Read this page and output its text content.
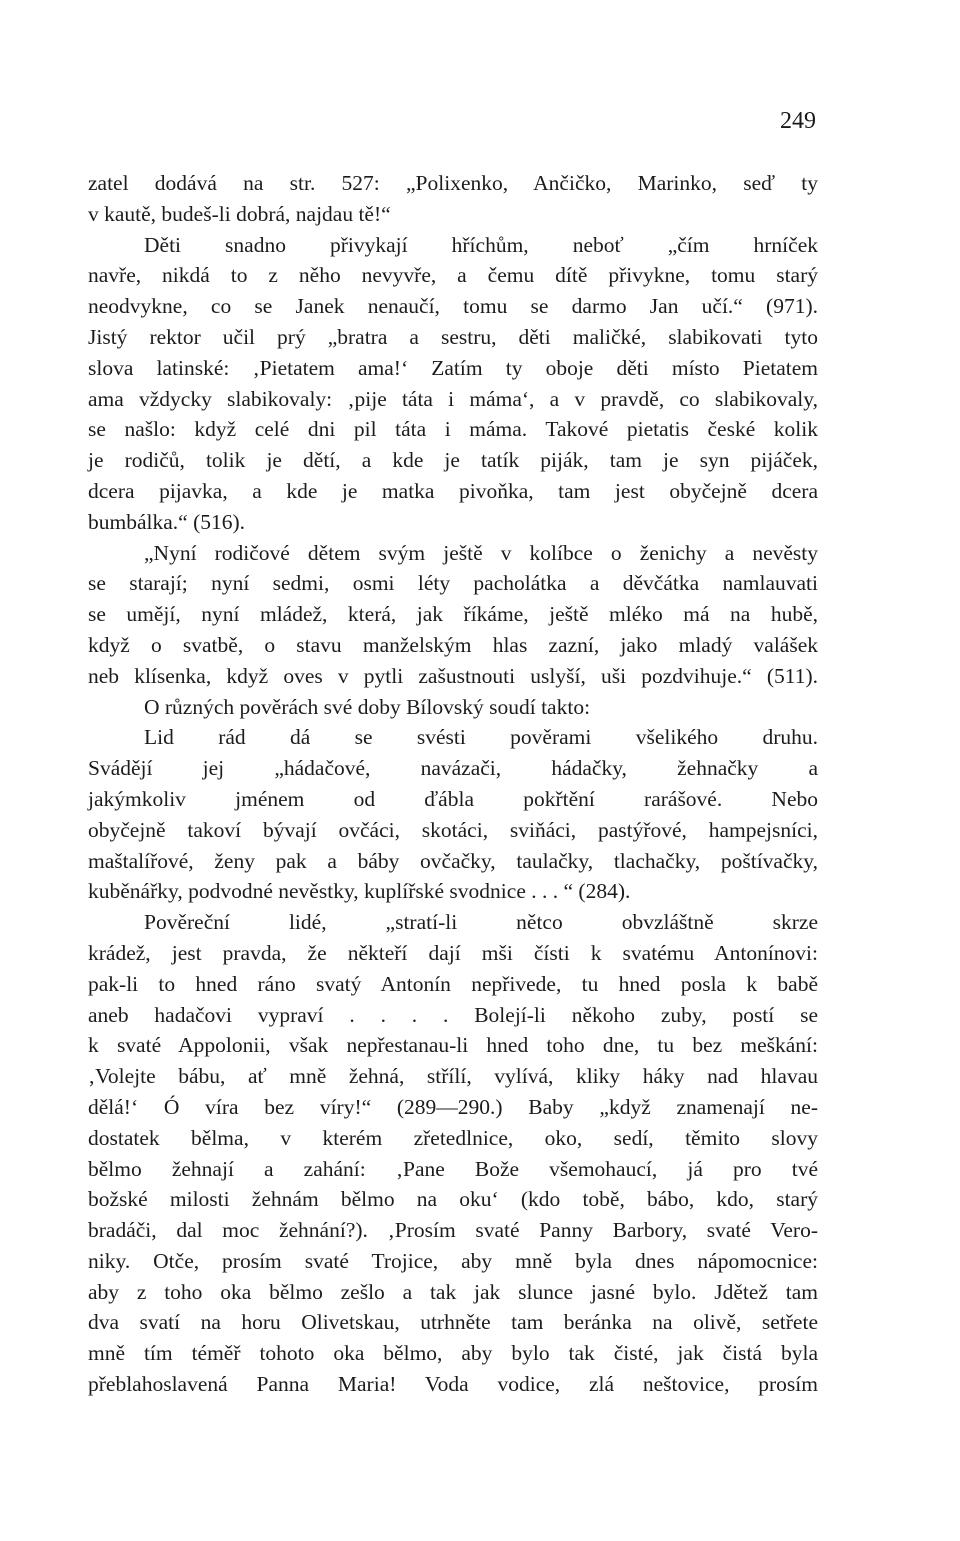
249
zatel dodává na str. 527: „Polixenko, Ančičko, Marinko, seď ty
v kautě, budeš-li dobrá, najdau tě!“
Děti snadno přivykají hříchům, neboť „čím hrníček
navře, nikdá to z něho nevyvře, a čemu dítě přivykne, tomu starý
neodvykne, co se Janek nenaučí, tomu se darmo Jan učí.“ (971).
Jistý rektor učil prý „bratra a sestru, děti maličké, slabikovati tyto
slova latinské: ‚Pietatem ama!‘ Zatím ty oboje děti místo Pietatem
ama vždycky slabikovaly: ‚pije táta i máma‘, a v pravdě, co slabikovaly,
se našlo: když celé dni pil táta i máma. Takové pietatis české kolik
je rodičů, tolik je dětí, a kde je tatík piják, tam je syn pijáček,
dcera pijavka, a kde je matka pivoňka, tam jest obyčejně dcera
bumbálka.“ (516).
„Nyní rodičové dětem svým ještě v kolíbce o ženichy a nevěsty
se starají; nyní sedmi, osmi léty pacholátka a děvčátka namlauvati
se umějí, nyní mládež, která, jak říkáme, ještě mléko má na hubě,
když o svatbě, o stavu manželským hlas zazní, jako mladý valášek
neb klísenka, když oves v pytli zašustnouti uslyší, uši pozdvihuje.“ (511).
O různých pověrách své doby Bílovský soudí takto:
Lid rád dá se svésti pověrami všelikého druhu.
Svádějí jej „hádačové, navázači, hádačky, žehnačky a
jakýmkoliv jménem od ďábla pokřtění rarášové. Nebo
obyčejně takoví bývají ovčáci, skotáci, sviňáci, pastýřové, hampejsníci,
maštalířové, ženy pak a báby ovčačky, taulačky, tlachačky, poštívačky,
kuběnářky, podvodné nevěstky, kuplířské svodnice . . . “ (284).
Pověreční lidé, „stratí-li nětco obvzláštně skrze
krádež, jest pravda, že někteří dají mši čísti k svatému Antonínovi:
pak-li to hned ráno svatý Antonín nepřivede, tu hned posla k babě
aneb hadačovi vypraví . . . . Bolejí-li někoho zuby, postí se
k svaté Appolonii, však nepřestanau-li hned toho dne, tu bez meškání:
‚Volejte bábu, ať mně žehná, střílí, vylívá, kliky háky nad hlavau
dělá!‘ Ó víra bez víry!“ (289—290.) Baby „když znamenají ne-
dostatek bělma, v kterém zřetedlnice, oko, sedí, těmito slovy
bělmo žehnají a zahání: ‚Pane Bože všemohaucí, já pro tvé
božské milosti žehnám bělmo na oku‘ (kdo tobě, bábo, kdo, starý
bradáči, dal moc žehnání?). ‚Prosím svaté Panny Barbory, svaté Vero-
niky. Otče, prosím svaté Trojice, aby mně byla dnes nápomocnice:
aby z toho oka bělmo zešlo a tak jak slunce jasné bylo. Jdětež tam
dva svatí na horu Olivetskau, utrhněte tam beránka na olivě, setřete
mně tím téměř tohoto oka bělmo, aby bylo tak čisté, jak čistá byla
přeblahoslavená Panna Maria! Voda vodice, zlá neštovice, prosím
